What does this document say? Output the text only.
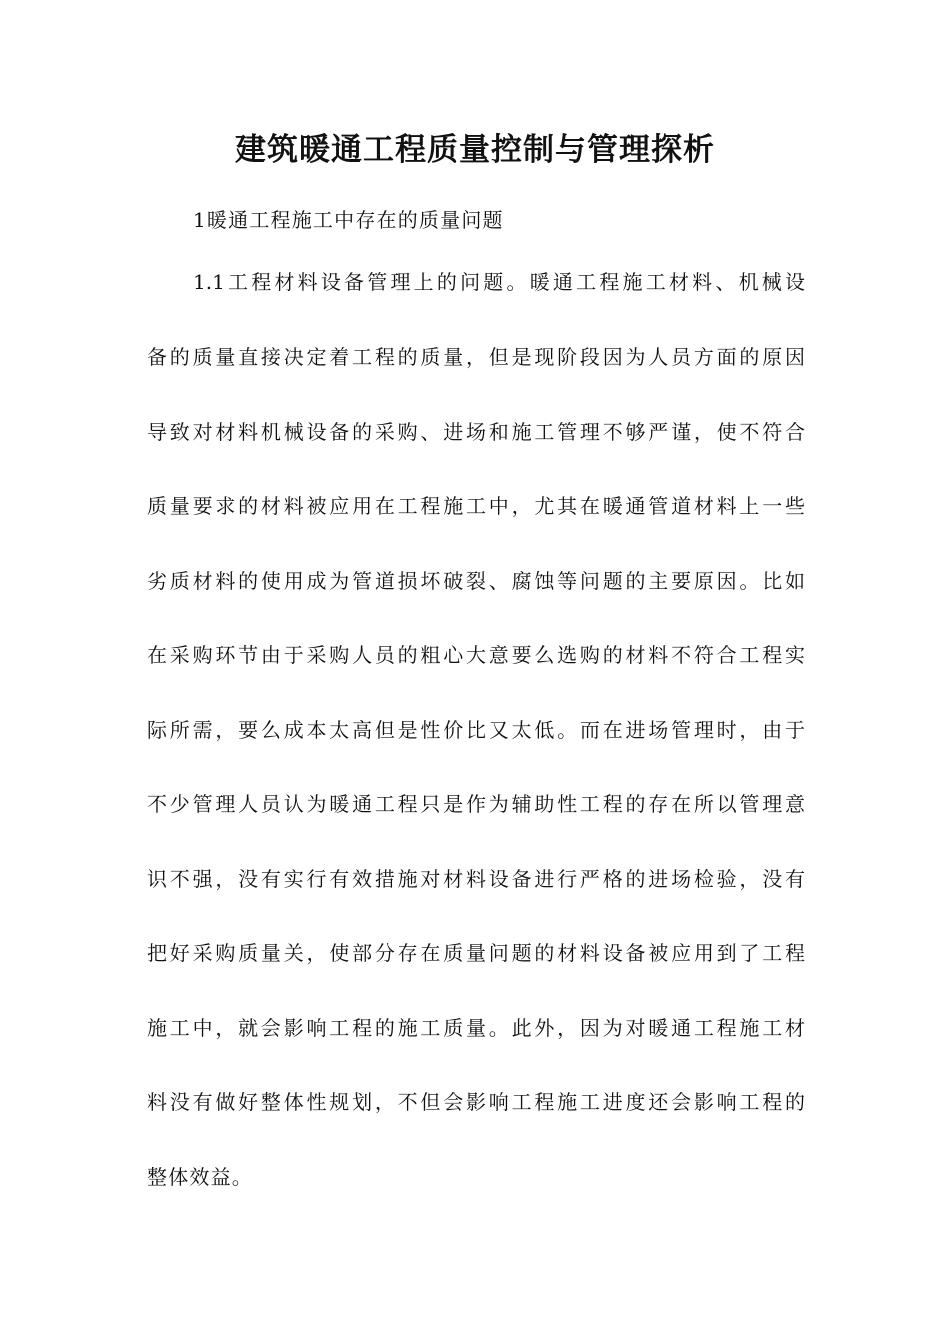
建筑暖通工程质量控制与管理探析

1暖通工程施工中存在的质量问题

1.1工程材料设备管理上的问题。暖通工程施工材料、机械设

备的质量直接决定着工程的质量，但是现阶段因为人员方面的原因

导致对材料机械设备的采购、进场和施工管理不够严谨，使不符合

质量要求的材料被应用在工程施工中，尤其在暖通管道材料上一些

劣质材料的使用成为管道损坏破裂、腐蚀等问题的主要原因。比如

在采购环节由于采购人员的粗心大意要么选购的材料不符合工程实

际所需，要么成本太高但是性价比又太低。而在进场管理时，由于

不少管理人员认为暖通工程只是作为辅助性工程的存在所以管理意

识不强，没有实行有效措施对材料设备进行严格的进场检验，没有

把好采购质量关，使部分存在质量问题的材料设备被应用到了工程

施工中，就会影响工程的施工质量。此外，因为对暖通工程施工材

料没有做好整体性规划，不但会影响工程施工进度还会影响工程的

整体效益。
